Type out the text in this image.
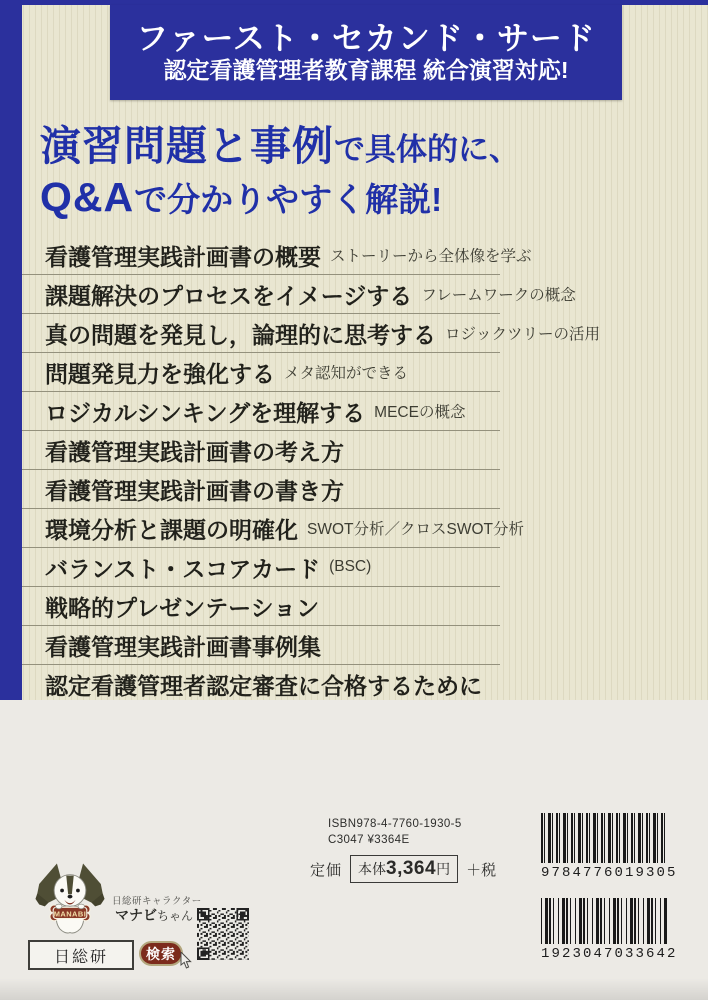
ファースト・セカンド・サード
認定看護管理者教育課程 統合演習対応!
演習問題と事例で具体的に、
Q&Aで分かりやすく解説!
看護管理実践計画書の概要 ストーリーから全体像を学ぶ
課題解決のプロセスをイメージする フレームワークの概念
真の問題を発見し，論理的に思考する ロジックツリーの活用
問題発見力を強化する メタ認知ができる
ロジカルシンキングを理解する MECEの概念
看護管理実践計画書の考え方
看護管理実践計画書の書き方
環境分析と課題の明確化 SWOT分析／クロスSWOT分析
バランスト・スコアカード (BSC)
戦略的プレゼンテーション
看護管理実践計画書事例集
認定看護管理者認定審査に合格するために
MANABI
日総研キャラクター
マナビちゃん
日総研	検索
ISBN978-4-7760-1930-5
C3047 ¥3364E
定価 本体 3,364 円 ＋税	9784776019305
1923047033642
